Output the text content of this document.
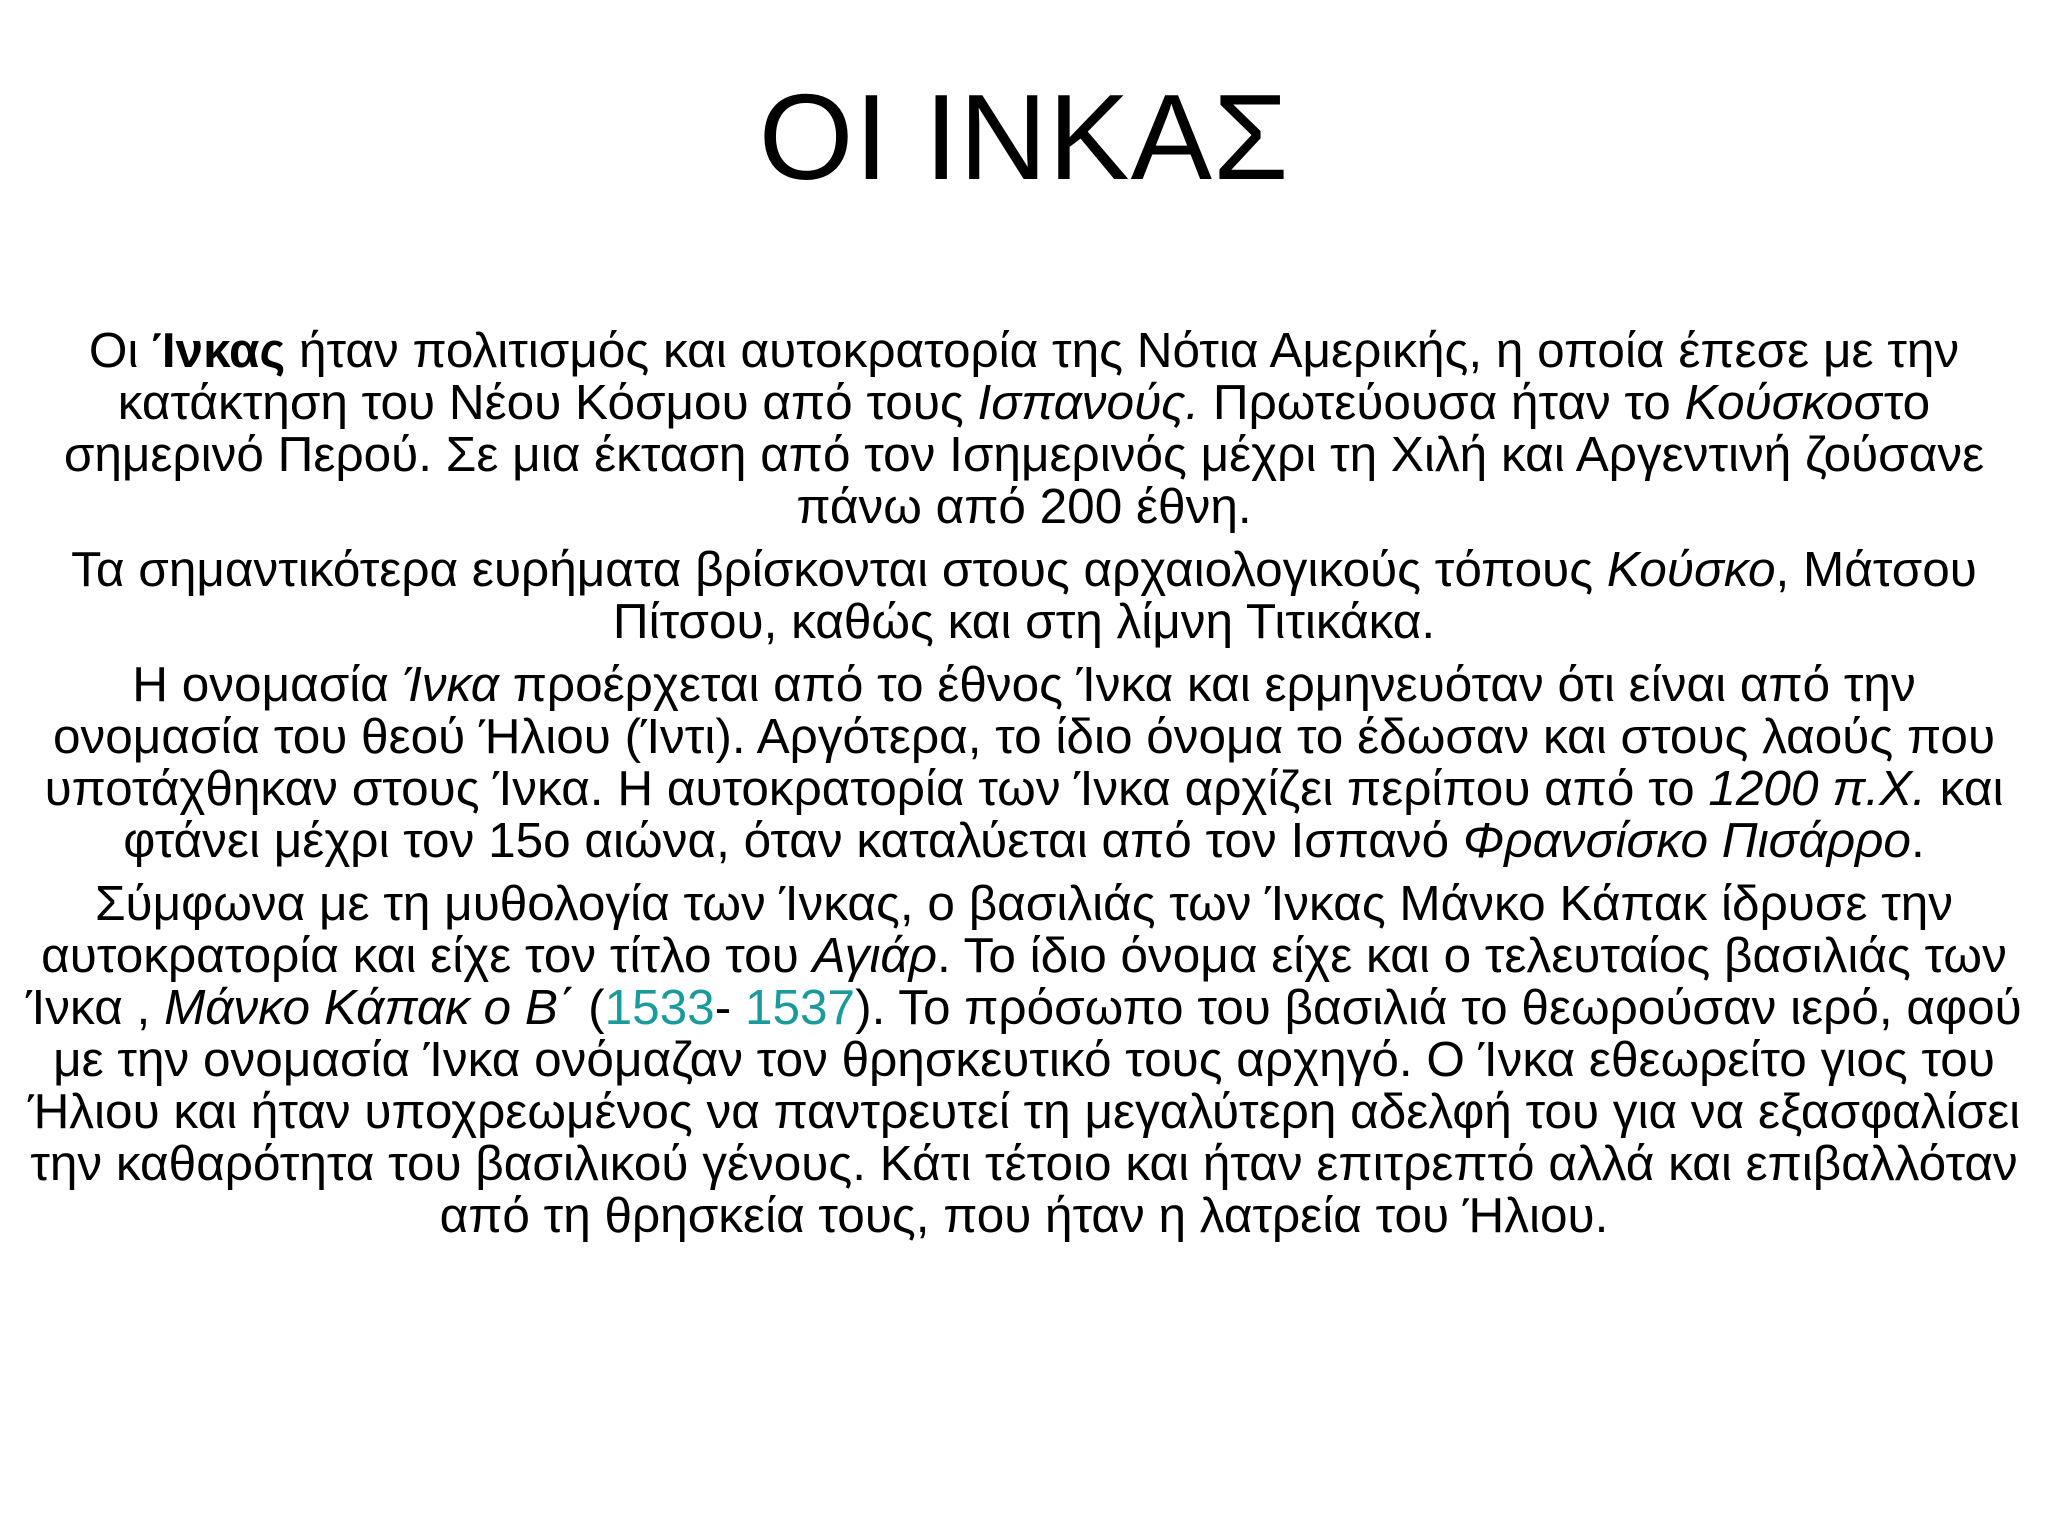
ΟΙ ΙΝΚΑΣ

Οι Ίνκας ήταν πολιτισμός και αυτοκρατορία της Νότια Αμερικής, η οποία έπεσε με την κατάκτηση του Νέου Κόσμου από τους Ισπανούς. Πρωτεύουσα ήταν το Κούσκοστο σημερινό Περού. Σε μια έκταση από τον Ισημερινός μέχρι τη Χιλή και Αργεντινή ζούσανε πάνω από 200 έθνη.

Τα σημαντικότερα ευρήματα βρίσκονται στους αρχαιολογικούς τόπους Κούσκο, Μάτσου Πίτσου, καθώς και στη λίμνη Τιτικάκα.

Η ονομασία Ίνκα προέρχεται από το έθνος Ίνκα και ερμηνευόταν ότι είναι από την ονομασία του θεού Ήλιου (Ίντι). Αργότερα, το ίδιο όνομα το έδωσαν και στους λαούς που υποτάχθηκαν στους Ίνκα. Η αυτοκρατορία των Ίνκα αρχίζει περίπου από το 1200 π.Χ. και φτάνει μέχρι τον 15ο αιώνα, όταν καταλύεται από τον Ισπανό Φρανσίσκο Πισάρρο.

Σύμφωνα με τη μυθολογία των Ίνκας, ο βασιλιάς των Ίνκας Μάνκο Κάπακ ίδρυσε την αυτοκρατορία και είχε τον τίτλο του Αγιάρ. Το ίδιο όνομα είχε και ο τελευταίος βασιλιάς των Ίνκα , Μάνκο Κάπακ ο Β΄ (1533- 1537). Το πρόσωπο του βασιλιά το θεωρούσαν ιερό, αφού με την ονομασία Ίνκα ονόμαζαν τον θρησκευτικό τους αρχηγό. Ο Ίνκα εθεωρείτο γιος του Ήλιου και ήταν υποχρεωμένος να παντρευτεί τη μεγαλύτερη αδελφή του για να εξασφαλίσει την καθαρότητα του βασιλικού γένους. Κάτι τέτοιο και ήταν επιτρεπτό αλλά και επιβαλλόταν από τη θρησκεία τους, που ήταν η λατρεία του Ήλιου.
